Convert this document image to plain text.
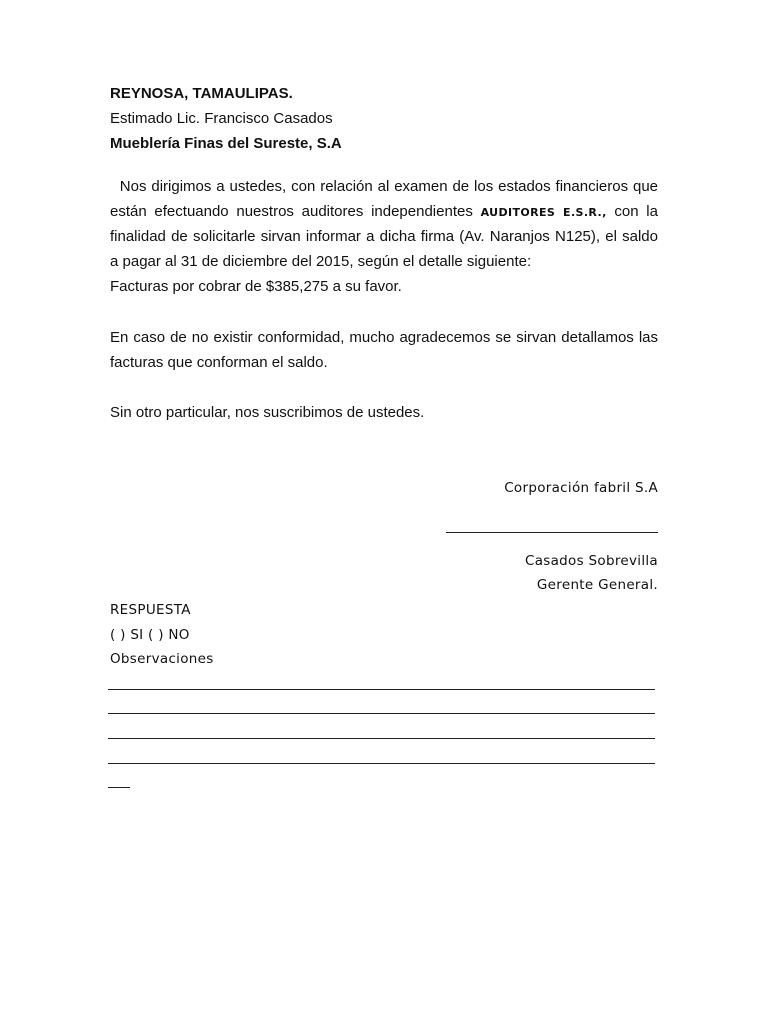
REYNOSA, TAMAULIPAS.
Estimado Lic. Francisco Casados
Mueblería Finas del Sureste, S.A
Nos dirigimos a ustedes, con relación al examen de los estados financieros que
están efectuando nuestros auditores independientes AUDITORES E.S.R., con la
finalidad de solicitarle sirvan informar a dicha firma (Av. Naranjos N125), el saldo
a pagar al 31 de diciembre del 2015, según el detalle siguiente:
Facturas por cobrar de $385,275 a su favor.
En caso de no existir conformidad, mucho agradecemos se sirvan detallamos las
facturas que conforman el saldo.
Sin otro particular, nos suscribimos de ustedes.
Corporación fabril S.A
Casados Sobrevilla
Gerente General.
RESPUESTA
( ) SI ( ) NO
Observaciones
